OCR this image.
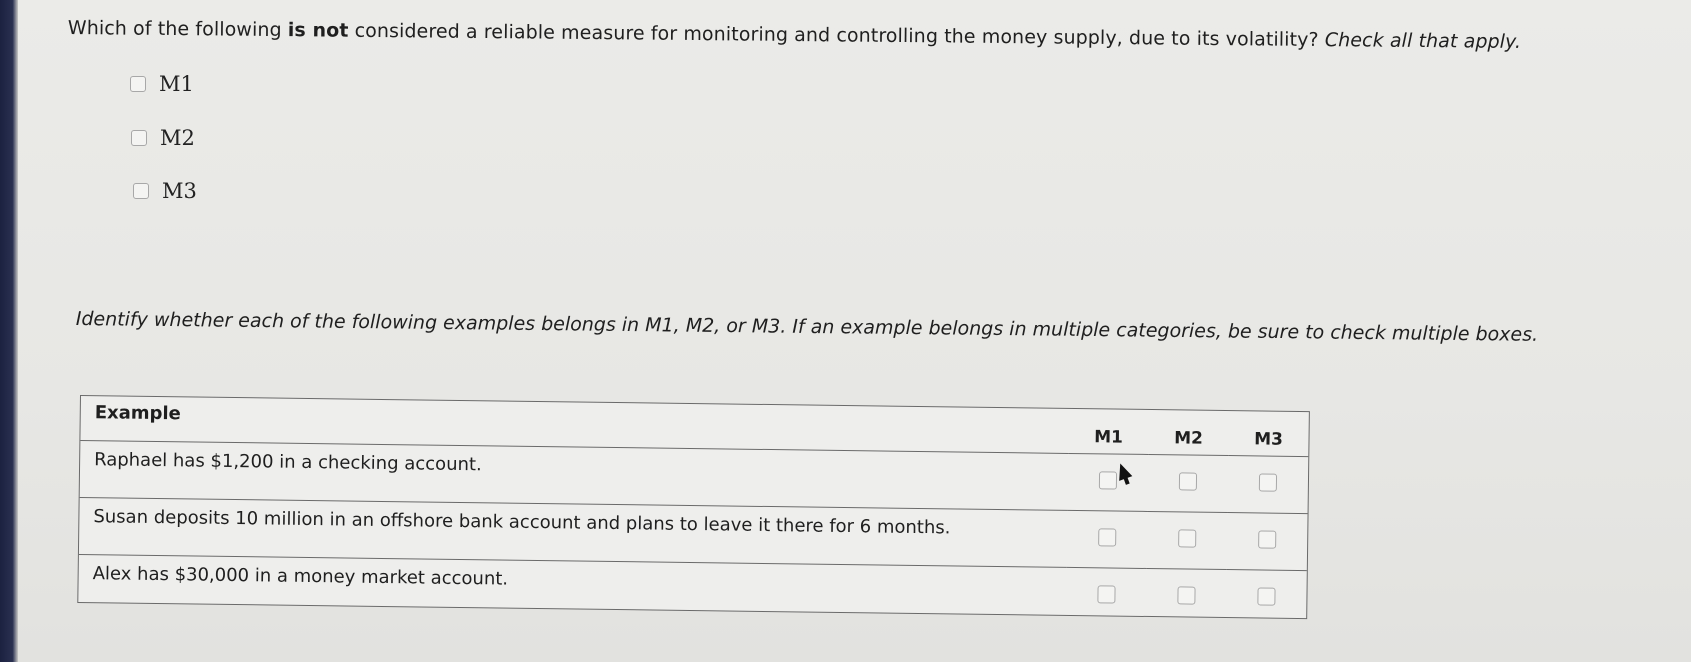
Which of the following is not considered a reliable measure for monitoring and controlling the money supply, due to its volatility? Check all that apply.
M1
M2
M3
Identify whether each of the following examples belongs in M1, M2, or M3. If an example belongs in multiple categories, be sure to check multiple boxes.
Example	M1	M2	M3
Raphael has $1,200 in a checking account.			
Susan deposits 10 million in an offshore bank account and plans to leave it there for 6 months.			
Alex has $30,000 in a money market account.			
